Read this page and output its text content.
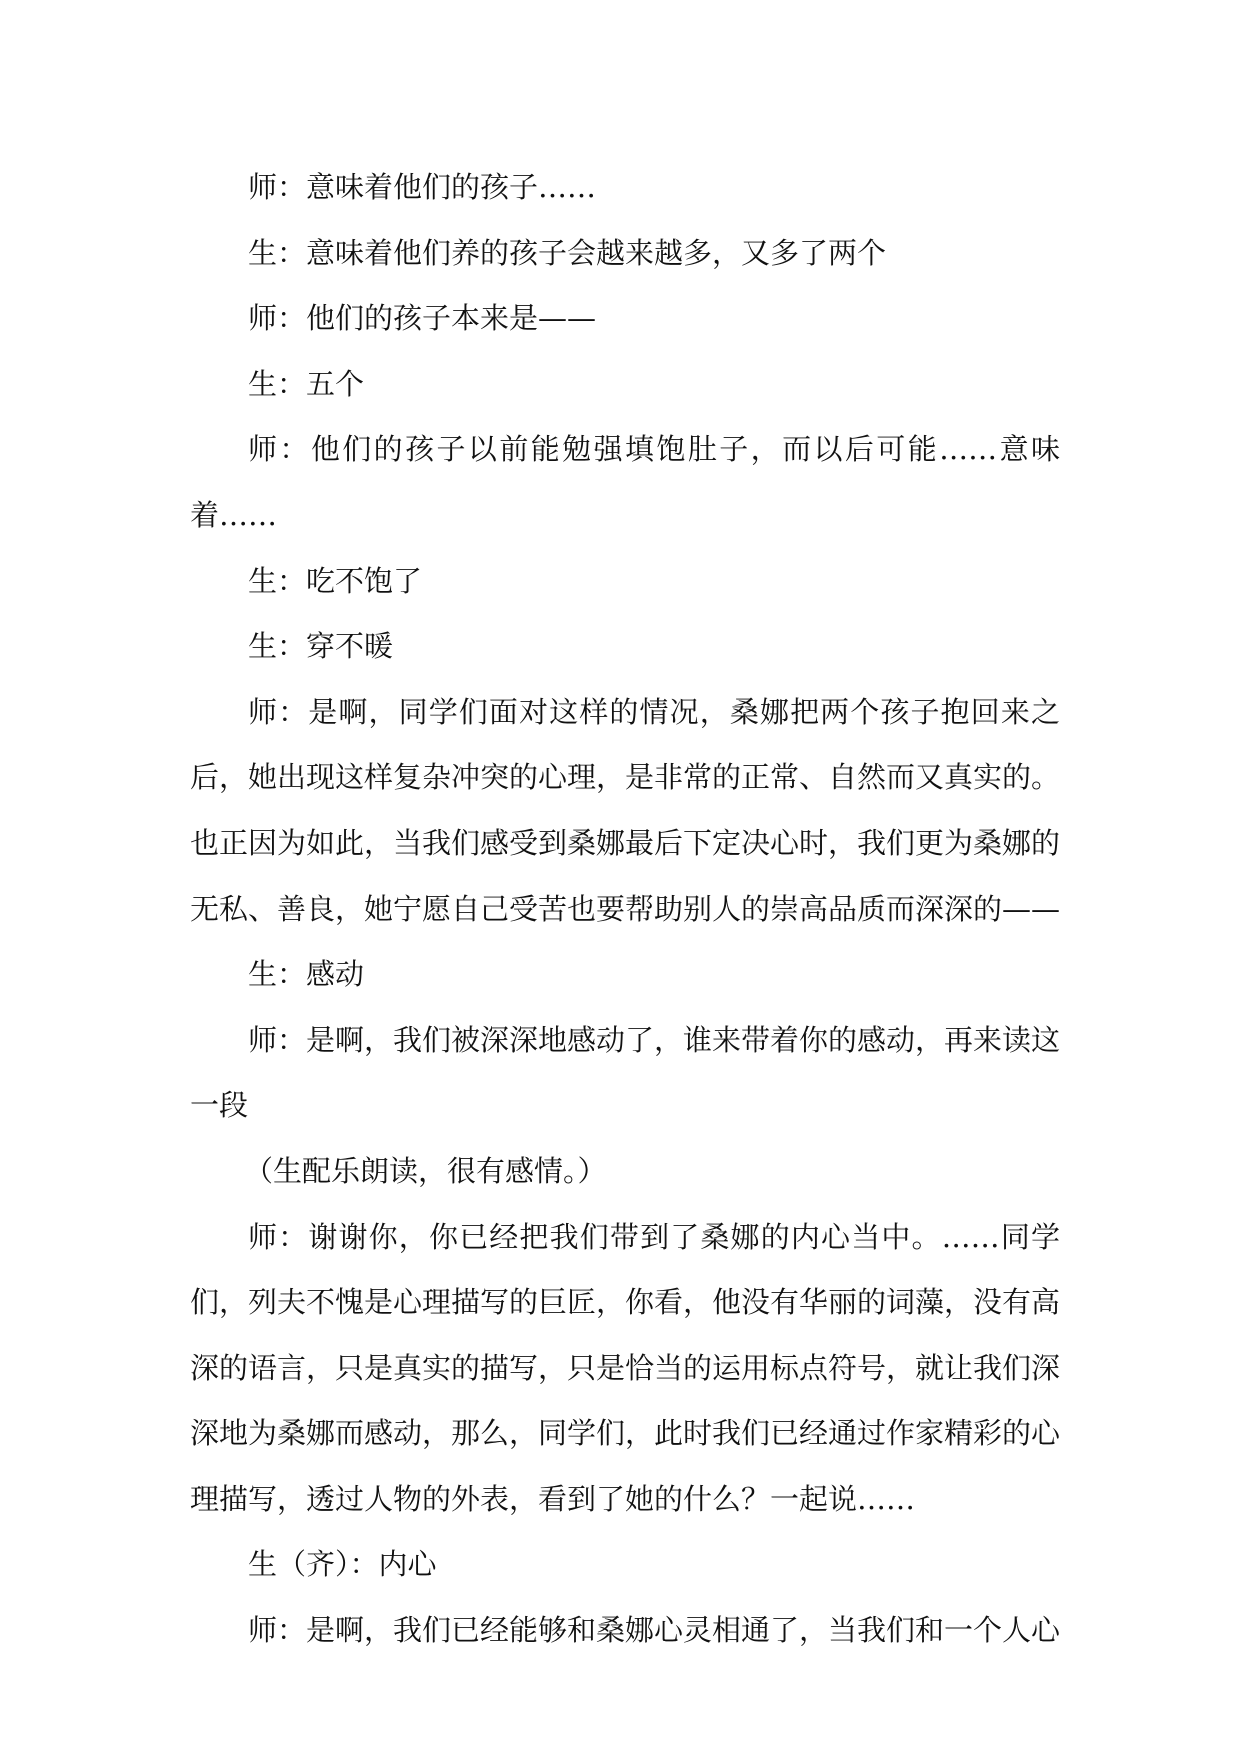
师：意味着他们的孩子……

生：意味着他们养的孩子会越来越多，又多了两个

师：他们的孩子本来是——

生：五个

师：他们的孩子以前能勉强填饱肚子，而以后可能……意味着……

生：吃不饱了

生：穿不暖

师：是啊，同学们面对这样的情况，桑娜把两个孩子抱回来之后，她出现这样复杂冲突的心理，是非常的正常、自然而又真实的。也正因为如此，当我们感受到桑娜最后下定决心时，我们更为桑娜的无私、善良，她宁愿自己受苦也要帮助别人的崇高品质而深深的——

生：感动

师：是啊，我们被深深地感动了，谁来带着你的感动，再来读这一段

（生配乐朗读，很有感情。）

师：谢谢你，你已经把我们带到了桑娜的内心当中。……同学们，列夫不愧是心理描写的巨匠，你看，他没有华丽的词藻，没有高深的语言，只是真实的描写，只是恰当的运用标点符号，就让我们深深地为桑娜而感动，那么，同学们，此时我们已经通过作家精彩的心理描写，透过人物的外表，看到了她的什么？一起说……

生（齐）：内心

师：是啊，我们已经能够和桑娜心灵相通了，当我们和一个人心
